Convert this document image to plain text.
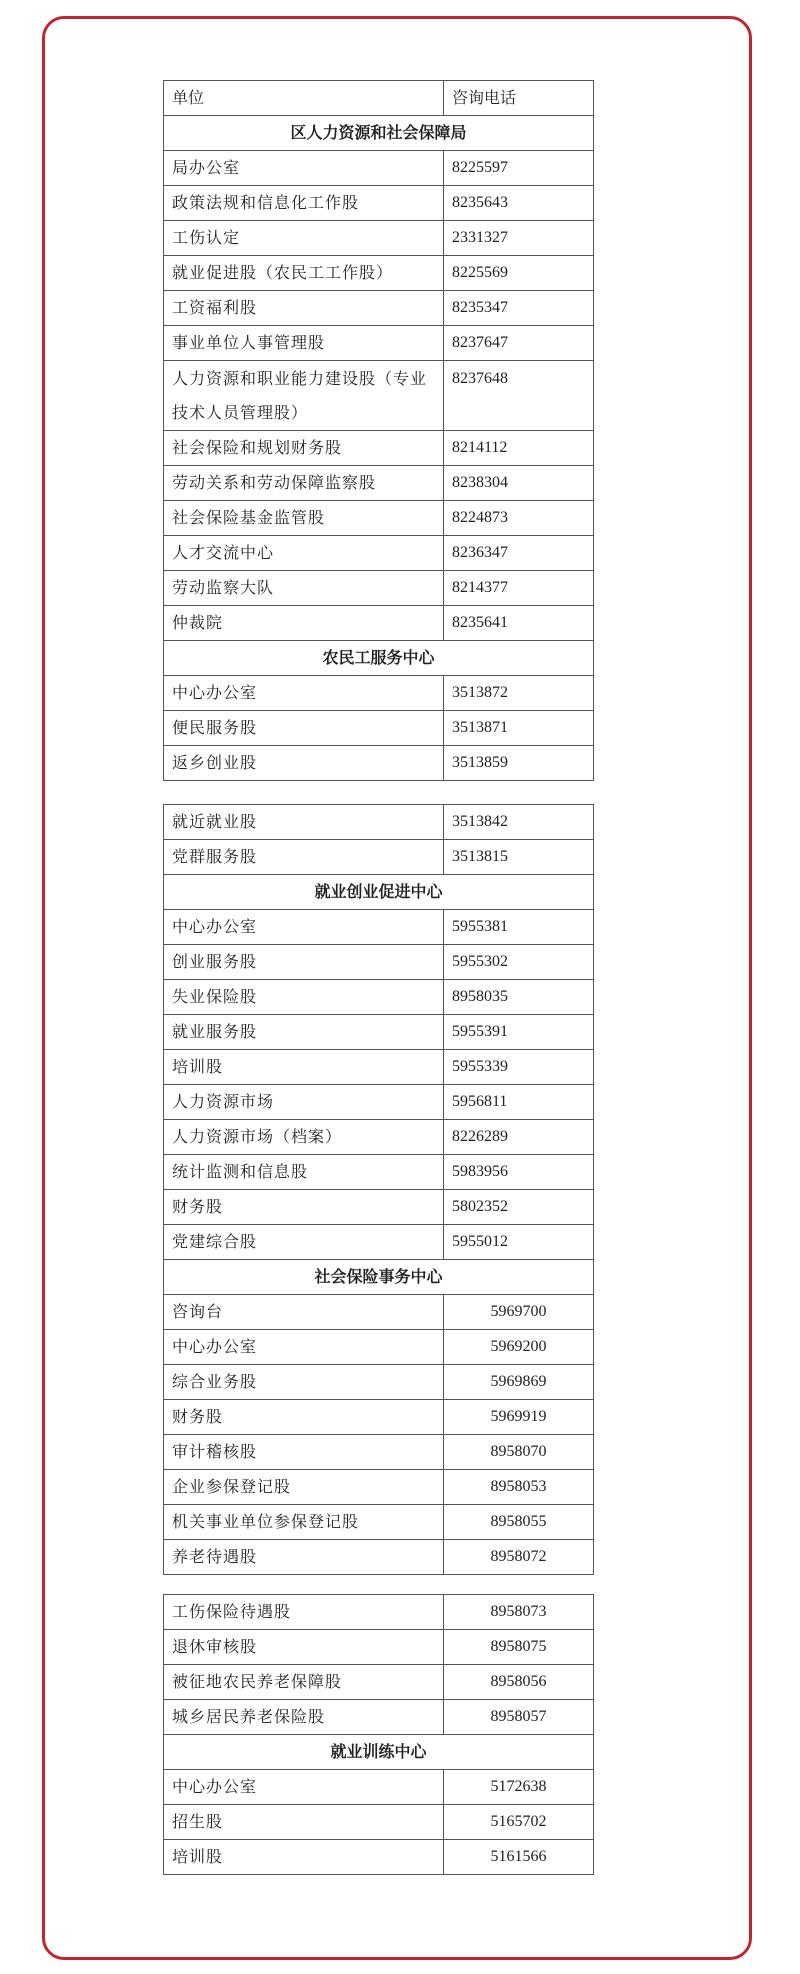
单位	咨询电话
区人力资源和社会保障局	
局办公室	8225597
政策法规和信息化工作股	8235643
工伤认定	2331327
就业促进股（农民工工作股）	8225569
工资福利股	8235347
事业单位人事管理股	8237647
人力资源和职业能力建设股（专业技术人员管理股）	8237648
社会保险和规划财务股	8214112
劳动关系和劳动保障监察股	8238304
社会保险基金监管股	8224873
人才交流中心	8236347
劳动监察大队	8214377
仲裁院	8235641
农民工服务中心	
中心办公室	3513872
便民服务股	3513871
返乡创业股	3513859
就近就业股	3513842
党群服务股	3513815
就业创业促进中心	
中心办公室	5955381
创业服务股	5955302
失业保险股	8958035
就业服务股	5955391
培训股	5955339
人力资源市场	5956811
人力资源市场（档案）	8226289
统计监测和信息股	5983956
财务股	5802352
党建综合股	5955012
社会保险事务中心	
咨询台	5969700
中心办公室	5969200
综合业务股	5969869
财务股	5969919
审计稽核股	8958070
企业参保登记股	8958053
机关事业单位参保登记股	8958055
养老待遇股	8958072
工伤保险待遇股	8958073
退休审核股	8958075
被征地农民养老保障股	8958056
城乡居民养老保险股	8958057
就业训练中心	
中心办公室	5172638
招生股	5165702
培训股	5161566
